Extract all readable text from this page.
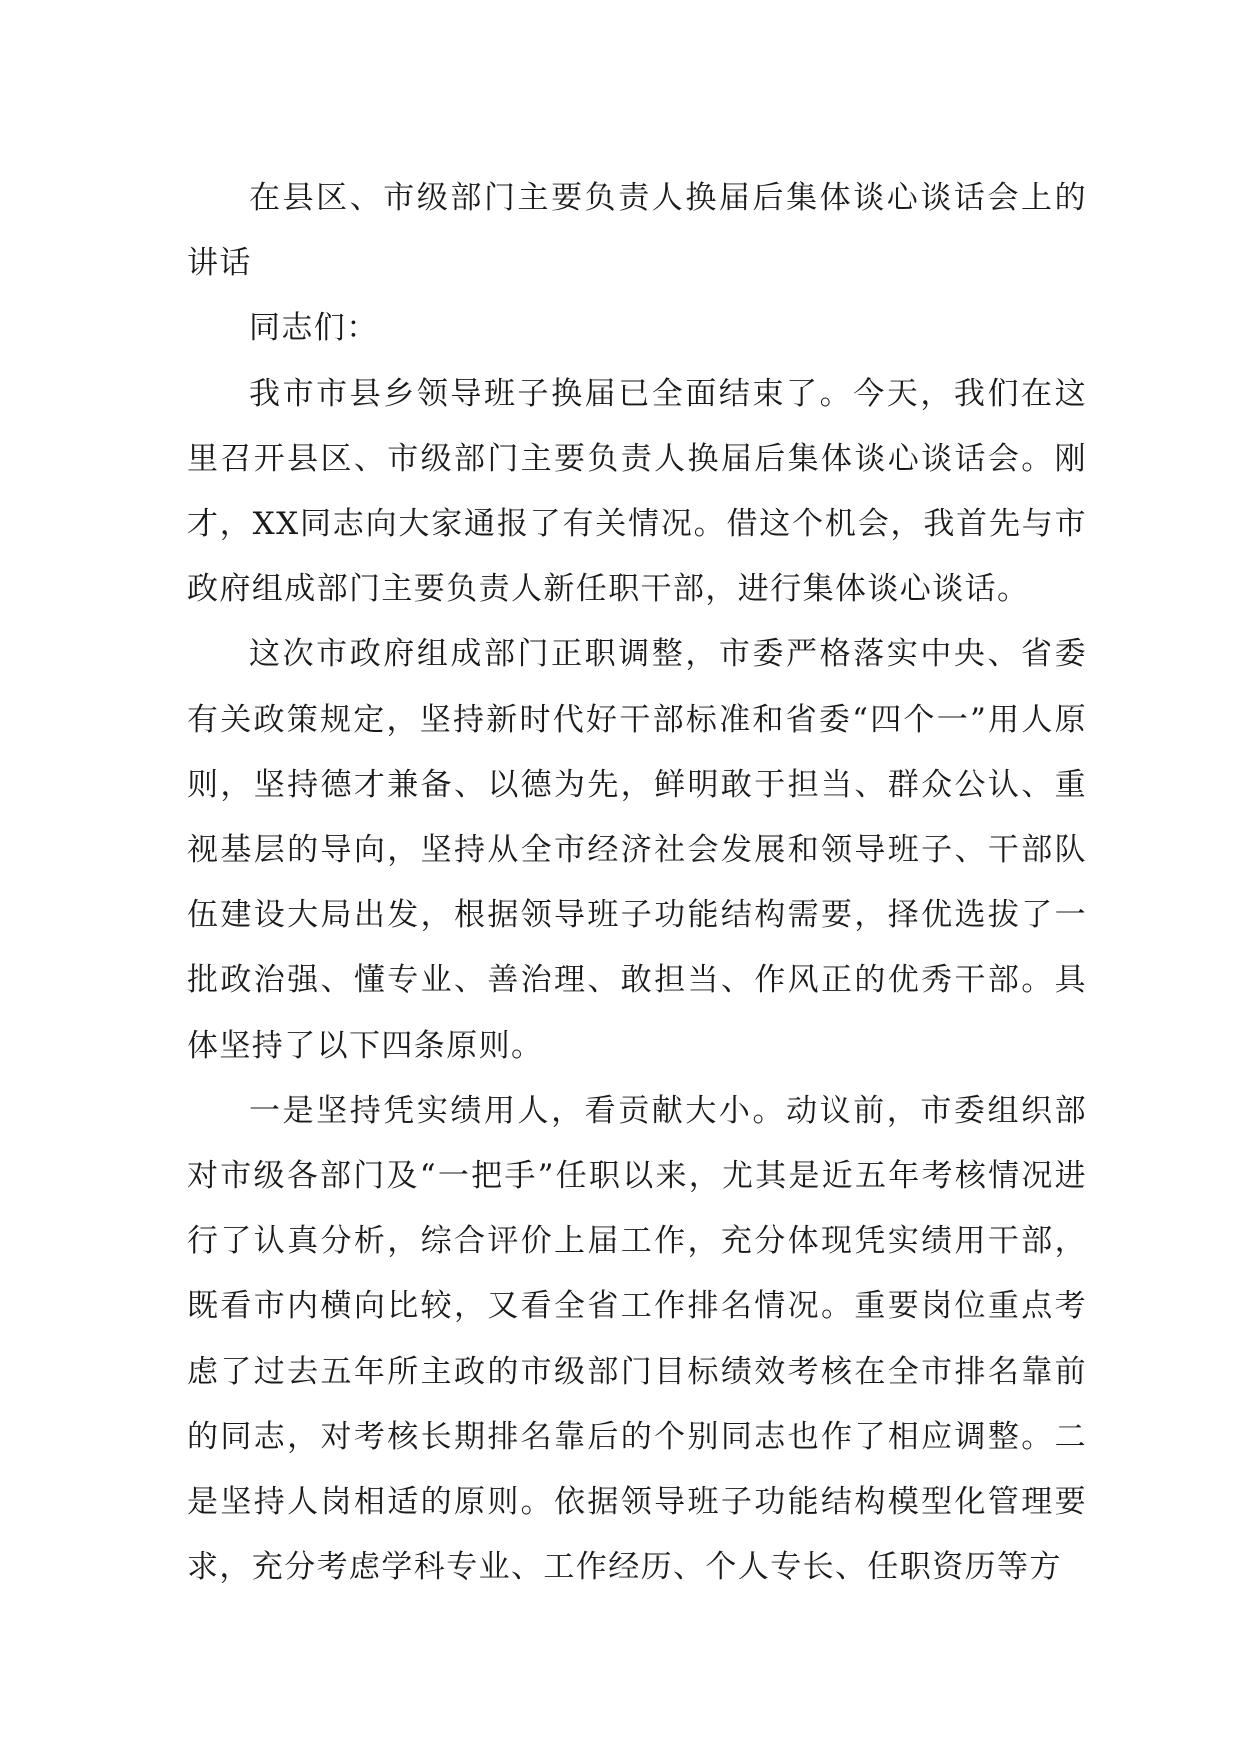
在县区、市级部门主要负责人换届后集体谈心谈话会上的讲话

同志们：

我市市县乡领导班子换届已全面结束了。今天，我们在这里召开县区、市级部门主要负责人换届后集体谈心谈话会。刚才，XX同志向大家通报了有关情况。借这个机会，我首先与市政府组成部门主要负责人新任职干部，进行集体谈心谈话。

这次市政府组成部门正职调整，市委严格落实中央、省委有关政策规定，坚持新时代好干部标准和省委“四个一”用人原则，坚持德才兼备、以德为先，鲜明敢于担当、群众公认、重视基层的导向，坚持从全市经济社会发展和领导班子、干部队伍建设大局出发，根据领导班子功能结构需要，择优选拔了一批政治强、懂专业、善治理、敢担当、作风正的优秀干部。具体坚持了以下四条原则。

一是坚持凭实绩用人，看贡献大小。动议前，市委组织部对市级各部门及“一把手”任职以来，尤其是近五年考核情况进行了认真分析，综合评价上届工作，充分体现凭实绩用干部，既看市内横向比较，又看全省工作排名情况。重要岗位重点考虑了过去五年所主政的市级部门目标绩效考核在全市排名靠前的同志，对考核长期排名靠后的个别同志也作了相应调整。二是坚持人岗相适的原则。依据领导班子功能结构模型化管理要求，充分考虑学科专业、工作经历、个人专长、任职资历等方
